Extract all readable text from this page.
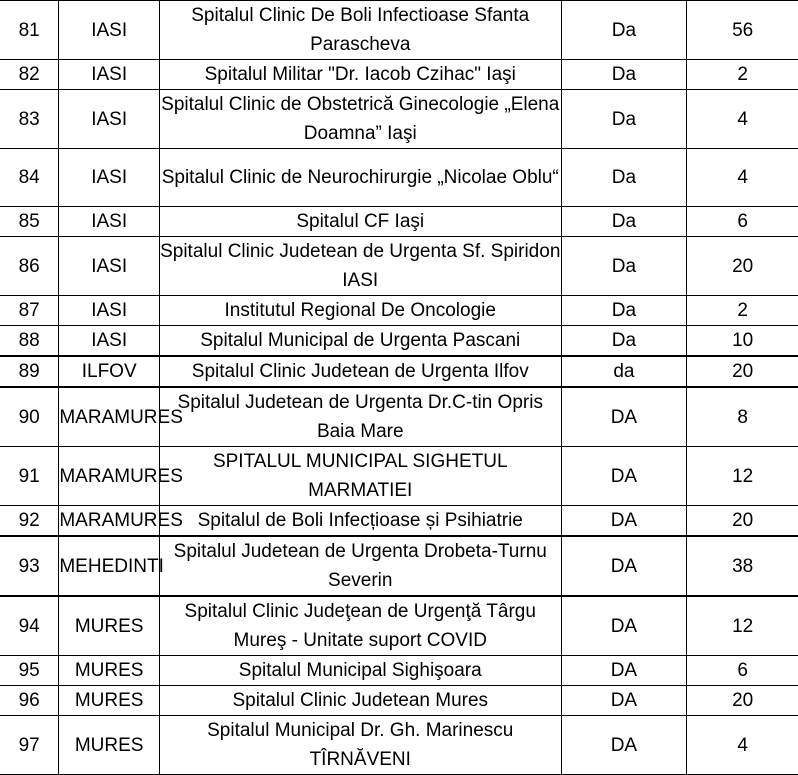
81	IASI	Spitalul Clinic De Boli Infectioase Sfanta Parascheva	Da	56
82	IASI	Spitalul Militar "Dr. Iacob Czihac" Iaşi	Da	2
83	IASI	Spitalul Clinic de Obstetrică Ginecologie „Elena Doamna” Iaşi	Da	4
84	IASI	Spitalul Clinic de Neurochirurgie „Nicolae Oblu“	Da	4
85	IASI	Spitalul CF Iaşi	Da	6
86	IASI	Spitalul Clinic Judetean de Urgenta Sf. Spiridon IASI	Da	20
87	IASI	Institutul Regional De Oncologie	Da	2
88	IASI	Spitalul Municipal de Urgenta Pascani	Da	10
89	ILFOV	Spitalul Clinic Judetean de Urgenta Ilfov	da	20
90	MARAMURES	Spitalul Judetean de Urgenta Dr.C-tin Opris Baia Mare	DA	8
91	MARAMURES	SPITALUL MUNICIPAL SIGHETUL MARMATIEI	DA	12
92	MARAMURES	Spitalul de Boli Infecțioase și Psihiatrie	DA	20
93	MEHEDINTI	Spitalul Judetean de Urgenta Drobeta-Turnu Severin	DA	38
94	MURES	Spitalul Clinic Judeţean de Urgenţă Târgu Mureş - Unitate suport COVID	DA	12
95	MURES	Spitalul Municipal Sighişoara	DA	6
96	MURES	Spitalul Clinic Judetean Mures	DA	20
97	MURES	Spitalul Municipal Dr. Gh. Marinescu TÎRNĂVENI	DA	4
